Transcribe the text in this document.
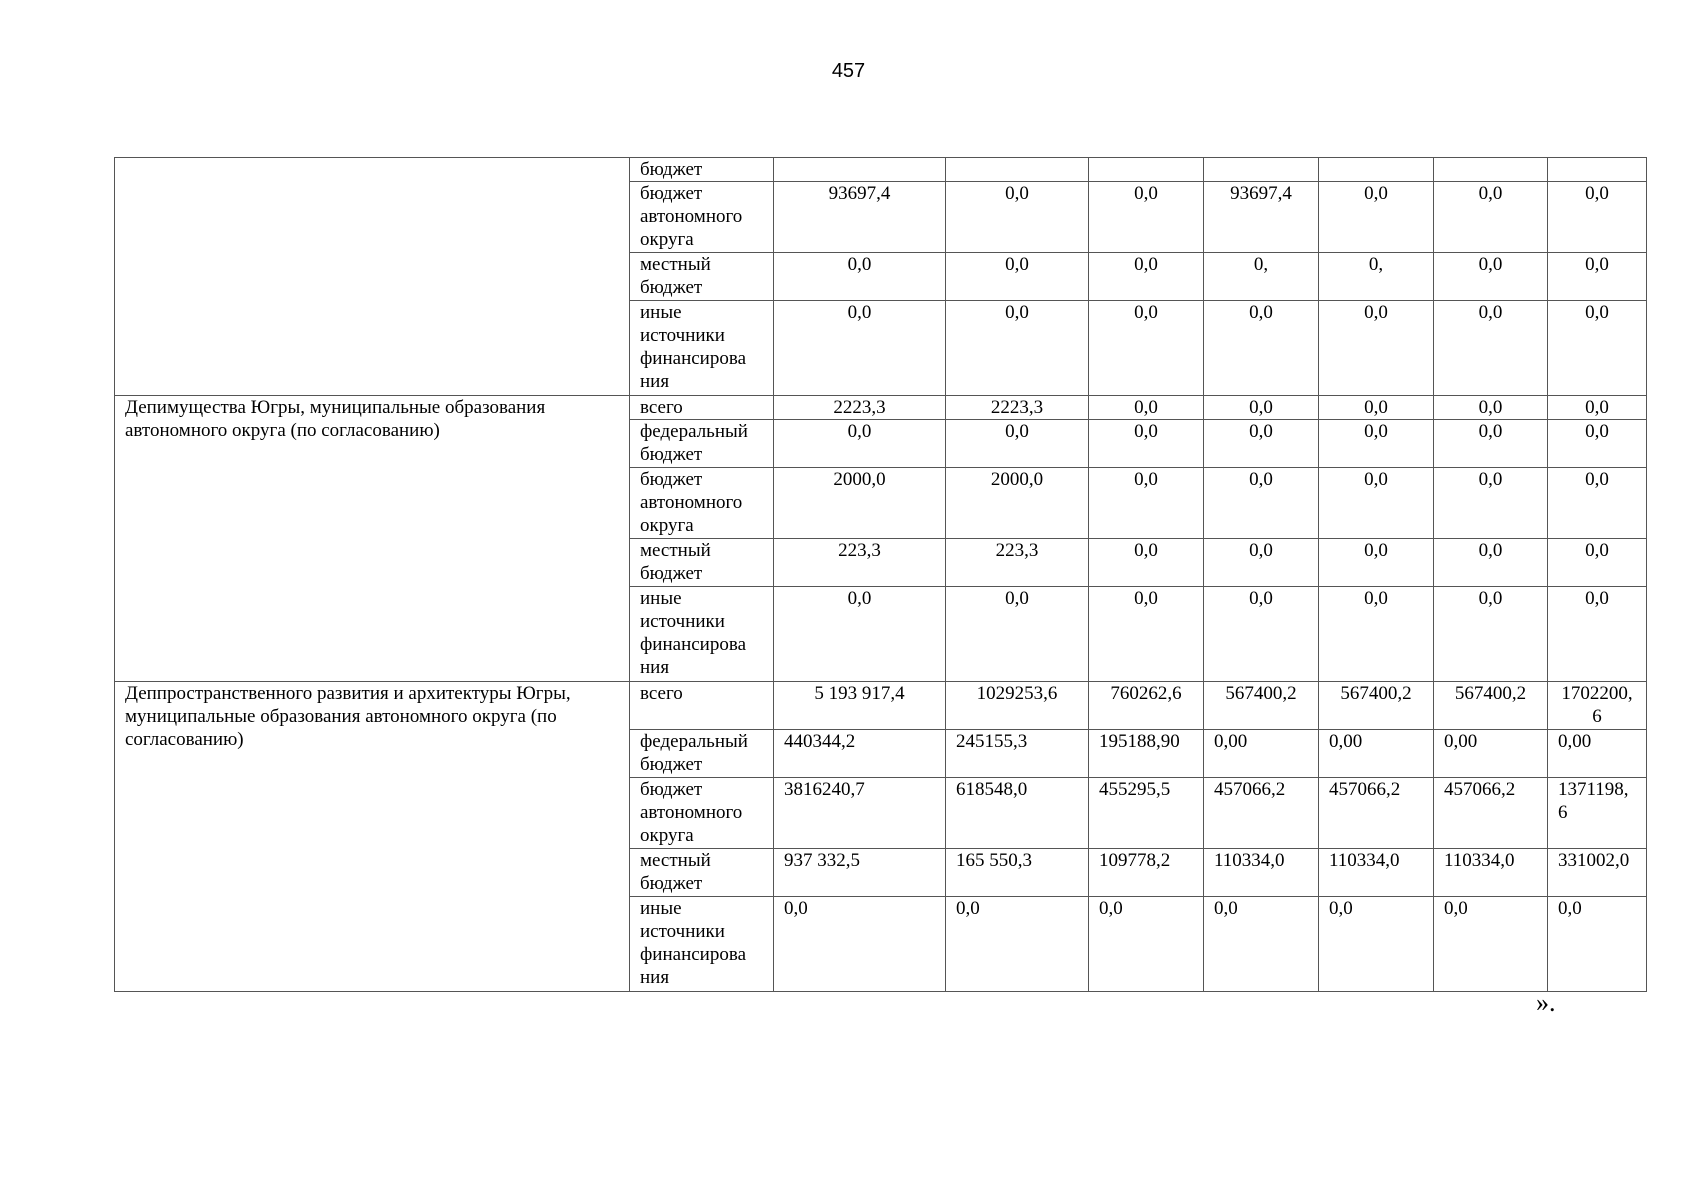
457
	бюджет							
	бюджет автономного округа	93697,4	0,0	0,0	93697,4	0,0	0,0	0,0
	местный бюджет	0,0	0,0	0,0	0,	0,	0,0	0,0
	иные источники финансирова ния	0,0	0,0	0,0	0,0	0,0	0,0	0,0
Депимущества Югры, муниципальные образования автономного округа (по согласованию)	всего	2223,3	2223,3	0,0	0,0	0,0	0,0	0,0
	федеральный бюджет	0,0	0,0	0,0	0,0	0,0	0,0	0,0
	бюджет автономного округа	2000,0	2000,0	0,0	0,0	0,0	0,0	0,0
	местный бюджет	223,3	223,3	0,0	0,0	0,0	0,0	0,0
	иные источники финансирова ния	0,0	0,0	0,0	0,0	0,0	0,0	0,0
Деппространственного развития и архитектуры Югры, муниципальные образования автономного округа (по согласованию)	всего	5 193 917,4	1029253,6	760262,6	567400,2	567400,2	567400,2	1702200, 6
	федеральный бюджет	440344,2	245155,3	195188,90	0,00	0,00	0,00	0,00
	бюджет автономного округа	3816240,7	618548,0	455295,5	457066,2	457066,2	457066,2	1371198, 6
	местный бюджет	937 332,5	165 550,3	109778,2	110334,0	110334,0	110334,0	331002,0
	иные источники финансирова ния	0,0	0,0	0,0	0,0	0,0	0,0	0,0
».
